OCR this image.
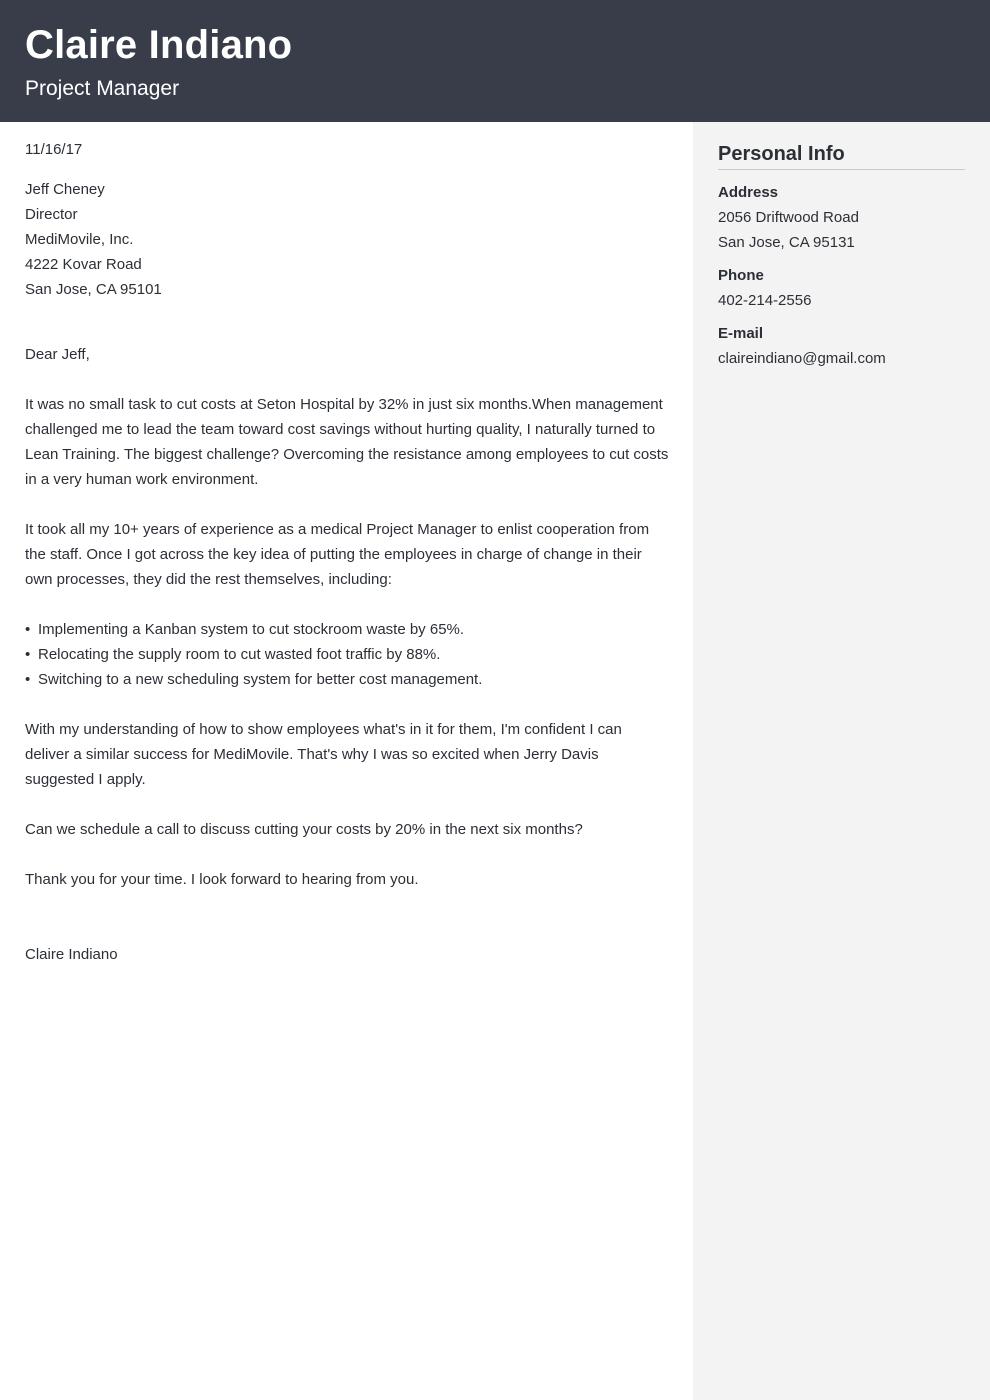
Claire Indiano
Project Manager
11/16/17
Jeff Cheney
Director
MediMovile, Inc.
4222 Kovar Road
San Jose, CA 95101
Dear Jeff,

It was no small task to cut costs at Seton Hospital by 32% in just six months.When management challenged me to lead the team toward cost savings without hurting quality, I naturally turned to Lean Training. The biggest challenge? Overcoming the resistance among employees to cut costs in a very human work environment.

It took all my 10+ years of experience as a medical Project Manager to enlist cooperation from the staff. Once I got across the key idea of putting the employees in charge of change in their own processes, they did the rest themselves, including:

• Implementing a Kanban system to cut stockroom waste by 65%.
• Relocating the supply room to cut wasted foot traffic by 88%.
• Switching to a new scheduling system for better cost management.

With my understanding of how to show employees what's in it for them, I'm confident I can deliver a similar success for MediMovile. That's why I was so excited when Jerry Davis suggested I apply.

Can we schedule a call to discuss cutting your costs by 20% in the next six months?

Thank you for your time. I look forward to hearing from you.

Claire Indiano
Personal Info
Address
2056 Driftwood Road
San Jose, CA 95131
Phone
402-214-2556
E-mail
claireindiano@gmail.com
